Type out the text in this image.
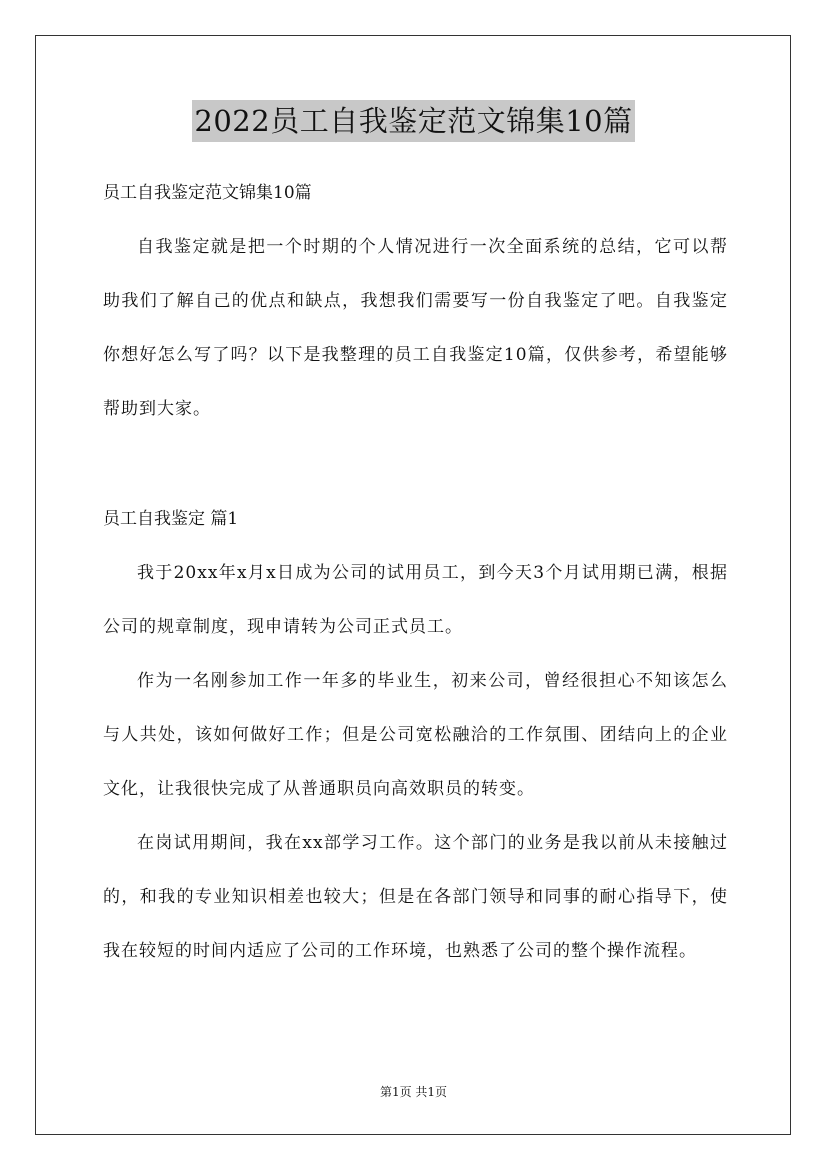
2022员工自我鉴定范文锦集10篇
员工自我鉴定范文锦集10篇

自我鉴定就是把一个时期的个人情况进行一次全面系统的总结，它可以帮助我们了解自己的优点和缺点，我想我们需要写一份自我鉴定了吧。自我鉴定你想好怎么写了吗？以下是我整理的员工自我鉴定10篇，仅供参考，希望能够帮助到大家。

员工自我鉴定 篇1

我于20xx年x月x日成为公司的试用员工，到今天3个月试用期已满，根据公司的规章制度，现申请转为公司正式员工。

作为一名刚参加工作一年多的毕业生，初来公司，曾经很担心不知该怎么与人共处，该如何做好工作；但是公司宽松融洽的工作氛围、团结向上的企业文化，让我很快完成了从普通职员向高效职员的转变。

在岗试用期间，我在xx部学习工作。这个部门的业务是我以前从未接触过的，和我的专业知识相差也较大；但是在各部门领导和同事的耐心指导下，使我在较短的时间内适应了公司的工作环境，也熟悉了公司的整个操作流程。

第1页 共1页
